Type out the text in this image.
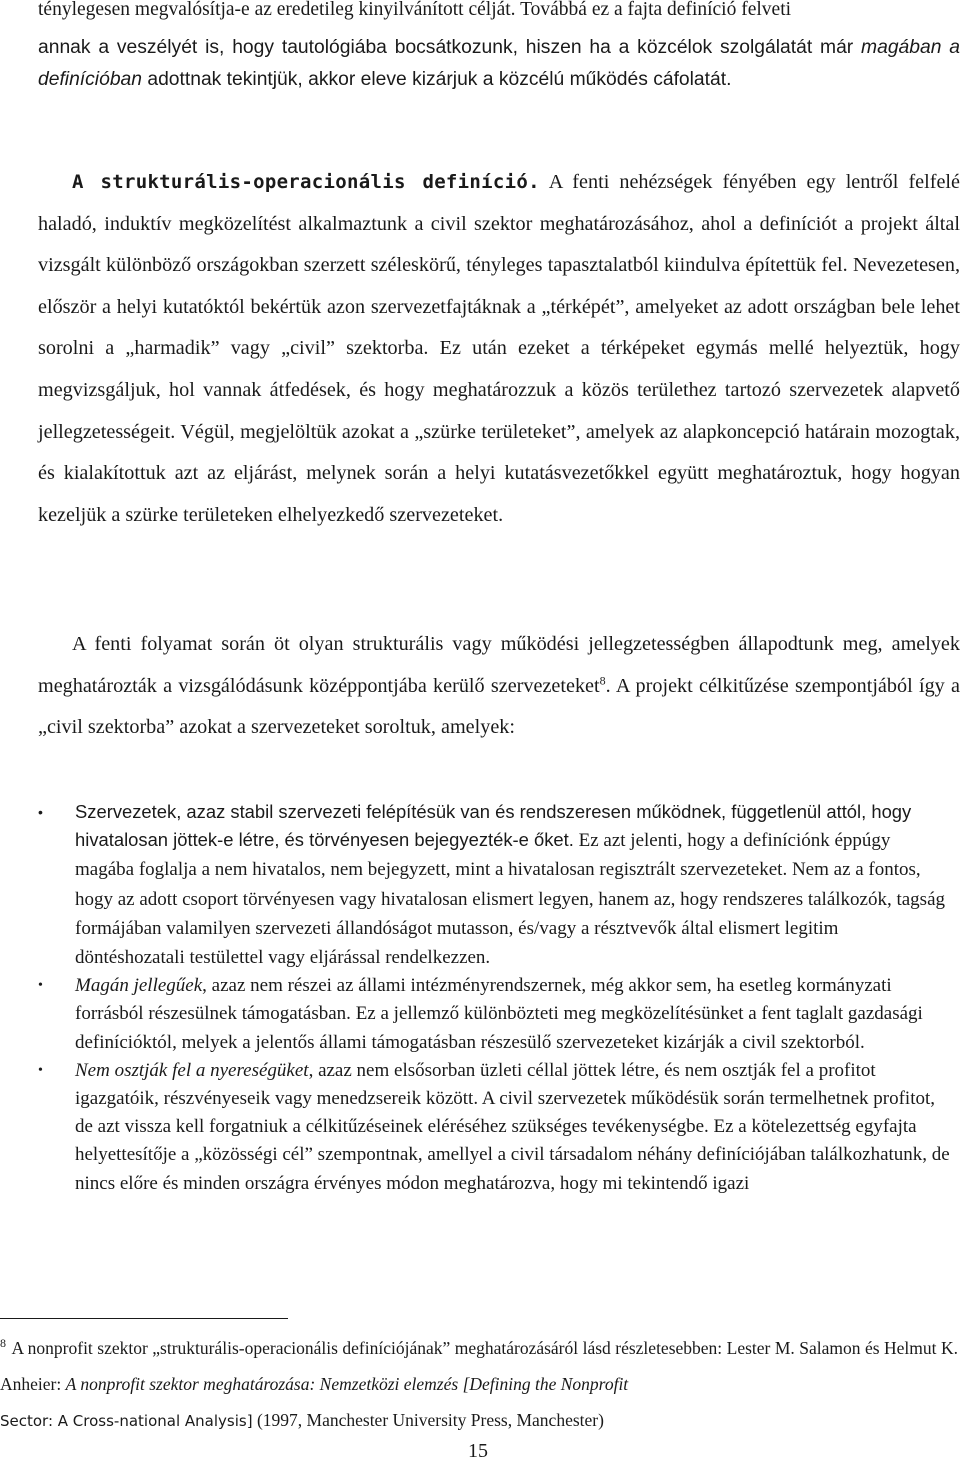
ténylegesen megvalósítja-e az eredetileg kinyilvánított célját. Továbbá ez a fajta definíció felveti

annak a veszélyét is, hogy tautológiába bocsátkozunk, hiszen ha a közcélok szolgálatát már magában a definícióban adottnak tekintjük, akkor eleve kizárjuk a közcélú működés cáfolatát.

A strukturális-operacionális definíció. A fenti nehézségek fényében egy lentről felfelé haladó, induktív megközelítést alkalmaztunk a civil szektor meghatározásához, ahol a definíciót a projekt által vizsgált különböző országokban szerzett széleskörű, tényleges tapasztalatból kiindulva építettük fel. Nevezetesen, először a helyi kutatóktól bekértük azon szervezetfajtáknak a „térképét”, amelyeket az adott országban bele lehet sorolni a „harmadik” vagy „civil” szektorba. Ez után ezeket a térképeket egymás mellé helyeztük, hogy megvizsgáljuk, hol vannak átfedések, és hogy meghatározzuk a közös területhez tartozó szervezetek alapvető jellegzetességeit. Végül, megjelöltük azokat a „szürke területeket”, amelyek az alapkoncepció határain mozogtak, és kialakítottuk azt az eljárást, melynek során a helyi kutatásvezetőkkel együtt meghatároztuk, hogy hogyan kezeljük a szürke területeken elhelyezkedő szervezeteket.

A fenti folyamat során öt olyan strukturális vagy működési jellegzetességben állapodtunk meg, amelyek meghatározták a vizsgálódásunk középpontjába kerülő szervezeteket$^8$. A projekt célkitűzése szempontjából így a „civil szektorba” azokat a szervezeteket soroltuk, amelyek:

•	Szervezetek, azaz stabil szervezeti felépítésük van és rendszeresen működnek, függetlenül attól, hogy hivatalosan jöttek-e létre, és törvényesen bejegyezték-e őket. Ez azt jelenti, hogy a definíciónk éppúgy magába foglalja a nem hivatalos, nem bejegyzett, mint a hivatalosan regisztrált szervezeteket. Nem az a fontos, hogy az adott csoport törvényesen vagy hivatalosan elismert legyen, hanem az, hogy rendszeres találkozók, tagság formájában valamilyen szervezeti állandóságot mutasson, és/vagy a résztvevők által elismert legitim döntéshozatali testülettel vagy eljárással rendelkezzen.
•	Magán jellegűek, azaz nem részei az állami intézményrendszernek, még akkor sem, ha esetleg kormányzati forrásból részesülnek támogatásban. Ez a jellemző különbözteti meg megközelítésünket a fent taglalt gazdasági definícióktól, melyek a jelentős állami támogatásban részesülő szervezeteket kizárják a civil szektorból.
•	Nem osztják fel a nyereségüket, azaz nem elsősorban üzleti céllal jöttek létre, és nem osztják fel a profitot igazgatóik, részvényeseik vagy menedzsereik között. A civil szervezetek működésük során termelhetnek profitot, de azt vissza kell forgatniuk a célkitűzéseinek eléréséhez szükséges tevékenységbe. Ez a kötelezettség egyfajta helyettesítője a „közösségi cél” szempontnak, amellyel a civil társadalom néhány definíciójában találkozhatunk, de nincs előre és minden országra érvényes módon meghatározva, hogy mi tekintendő igazi

$^8$ A nonprofit szektor „strukturális-operacionális definíciójának” meghatározásáról lásd részletesebben: Lester M. Salamon és Helmut K. Anheier: A nonprofit szektor meghatározása: Nemzetközi elemzés [Defining the Nonprofit
Sector: A Cross-national Analysis] (1997, Manchester University Press, Manchester)

15
